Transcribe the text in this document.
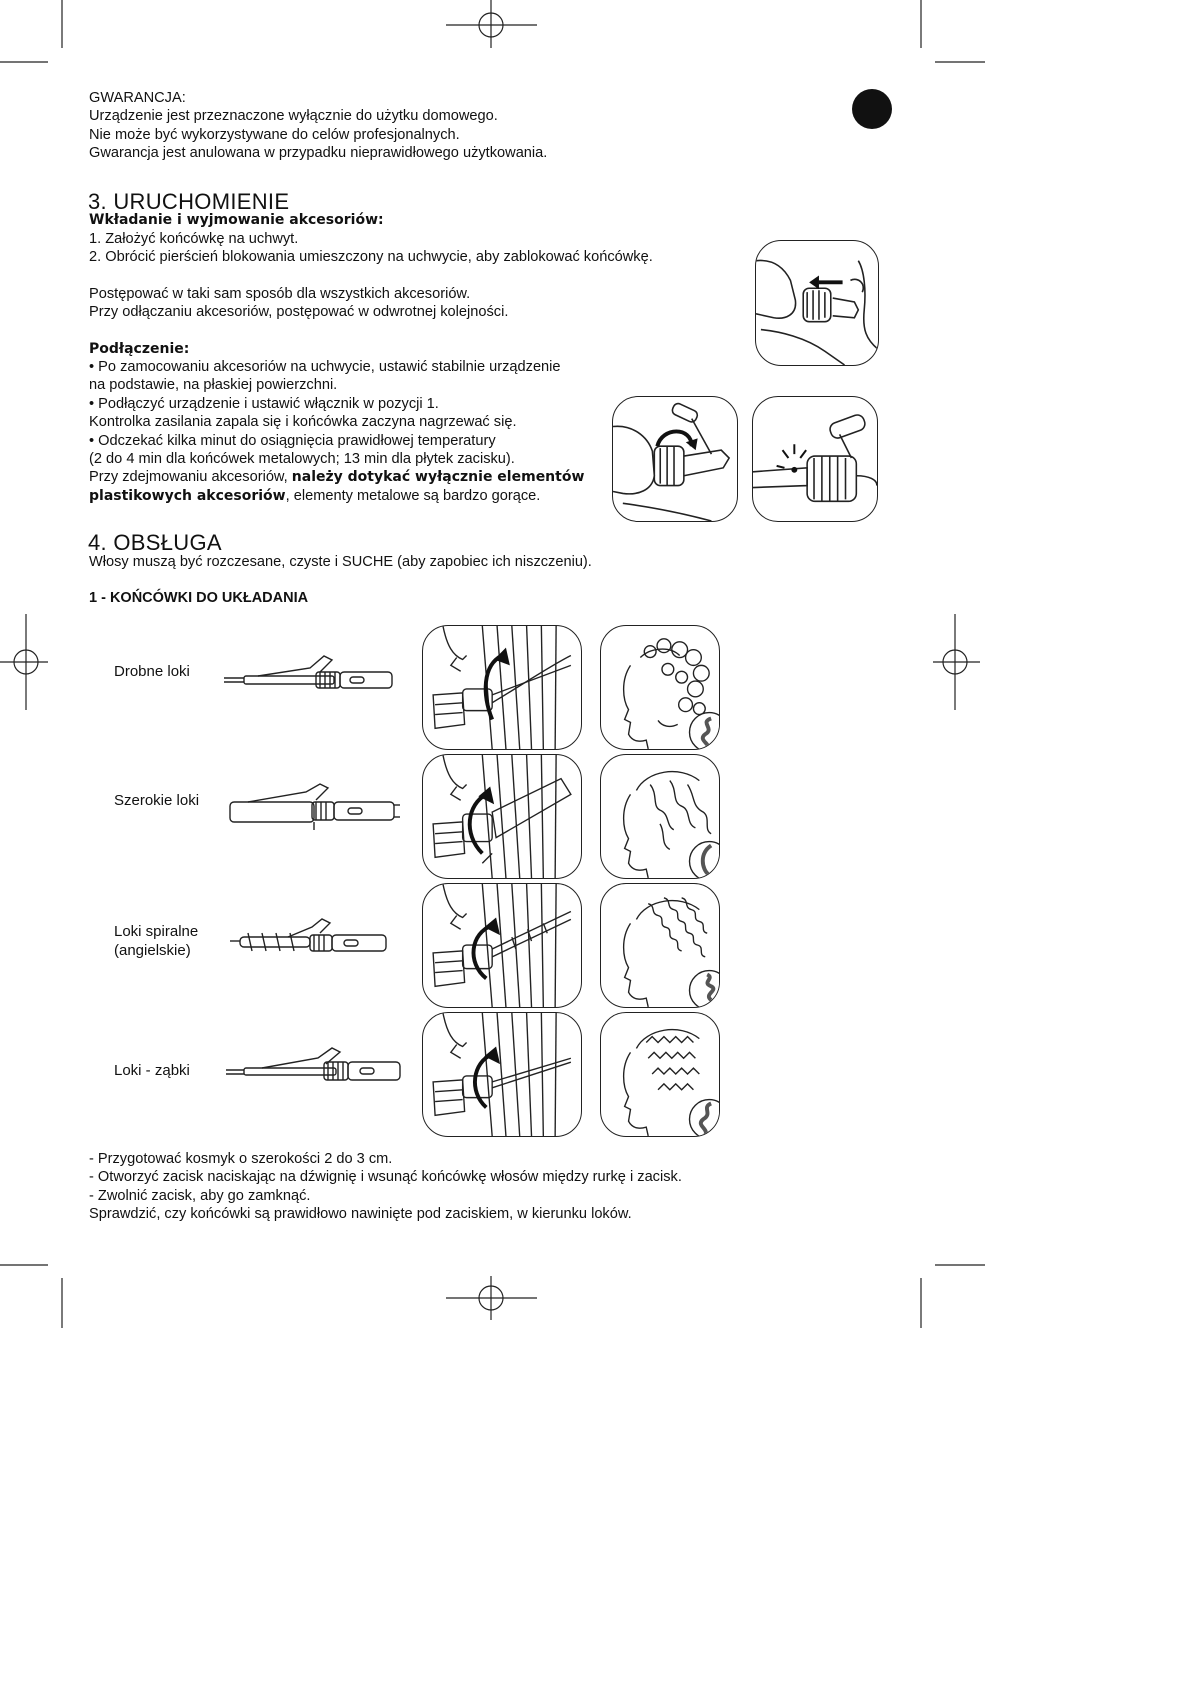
GWARANCJA:
Urządzenie jest przeznaczone wyłącznie do użytku domowego.
Nie może być wykorzystywane do celów profesjonalnych.
Gwarancja jest anulowana w przypadku nieprawidłowego użytkowania.
3. URUCHOMIENIE
Wkładanie i wyjmowanie akcesoriów:
1. Założyć końcówkę na uchwyt.
2. Obrócić pierścień blokowania umieszczony na uchwycie, aby zablokować końcówkę.
Postępować w taki sam sposób dla wszystkich akcesoriów.
Przy odłączaniu akcesoriów, postępować w odwrotnej kolejności.
Podłączenie:
• Po zamocowaniu akcesoriów na uchwycie, ustawić stabilnie urządzenie
na podstawie, na płaskiej powierzchni.
• Podłączyć urządzenie i ustawić włącznik w pozycji 1.
Kontrolka zasilania zapala się i końcówka zaczyna nagrzewać się.
• Odczekać kilka minut do osiągnięcia prawidłowej temperatury
(2 do 4 min dla końcówek metalowych; 13 min dla płytek zacisku).
Przy zdejmowaniu akcesoriów, należy dotykać wyłącznie elementów
plastikowych akcesoriów, elementy metalowe są bardzo gorące.
4. OBSŁUGA
Włosy muszą być rozczesane, czyste i SUCHE (aby zapobiec ich niszczeniu).
1 - KOŃCÓWKI DO UKŁADANIA
Drobne loki
Szerokie loki
Loki spiralne
(angielskie)
Loki - ząbki
- Przygotować kosmyk o szerokości 2 do 3 cm.
- Otworzyć zacisk naciskając na dźwignię i wsunąć końcówkę włosów między rurkę i zacisk.
- Zwolnić zacisk, aby go zamknąć.
Sprawdzić, czy końcówki są prawidłowo nawinięte pod zaciskiem, w kierunku loków.
